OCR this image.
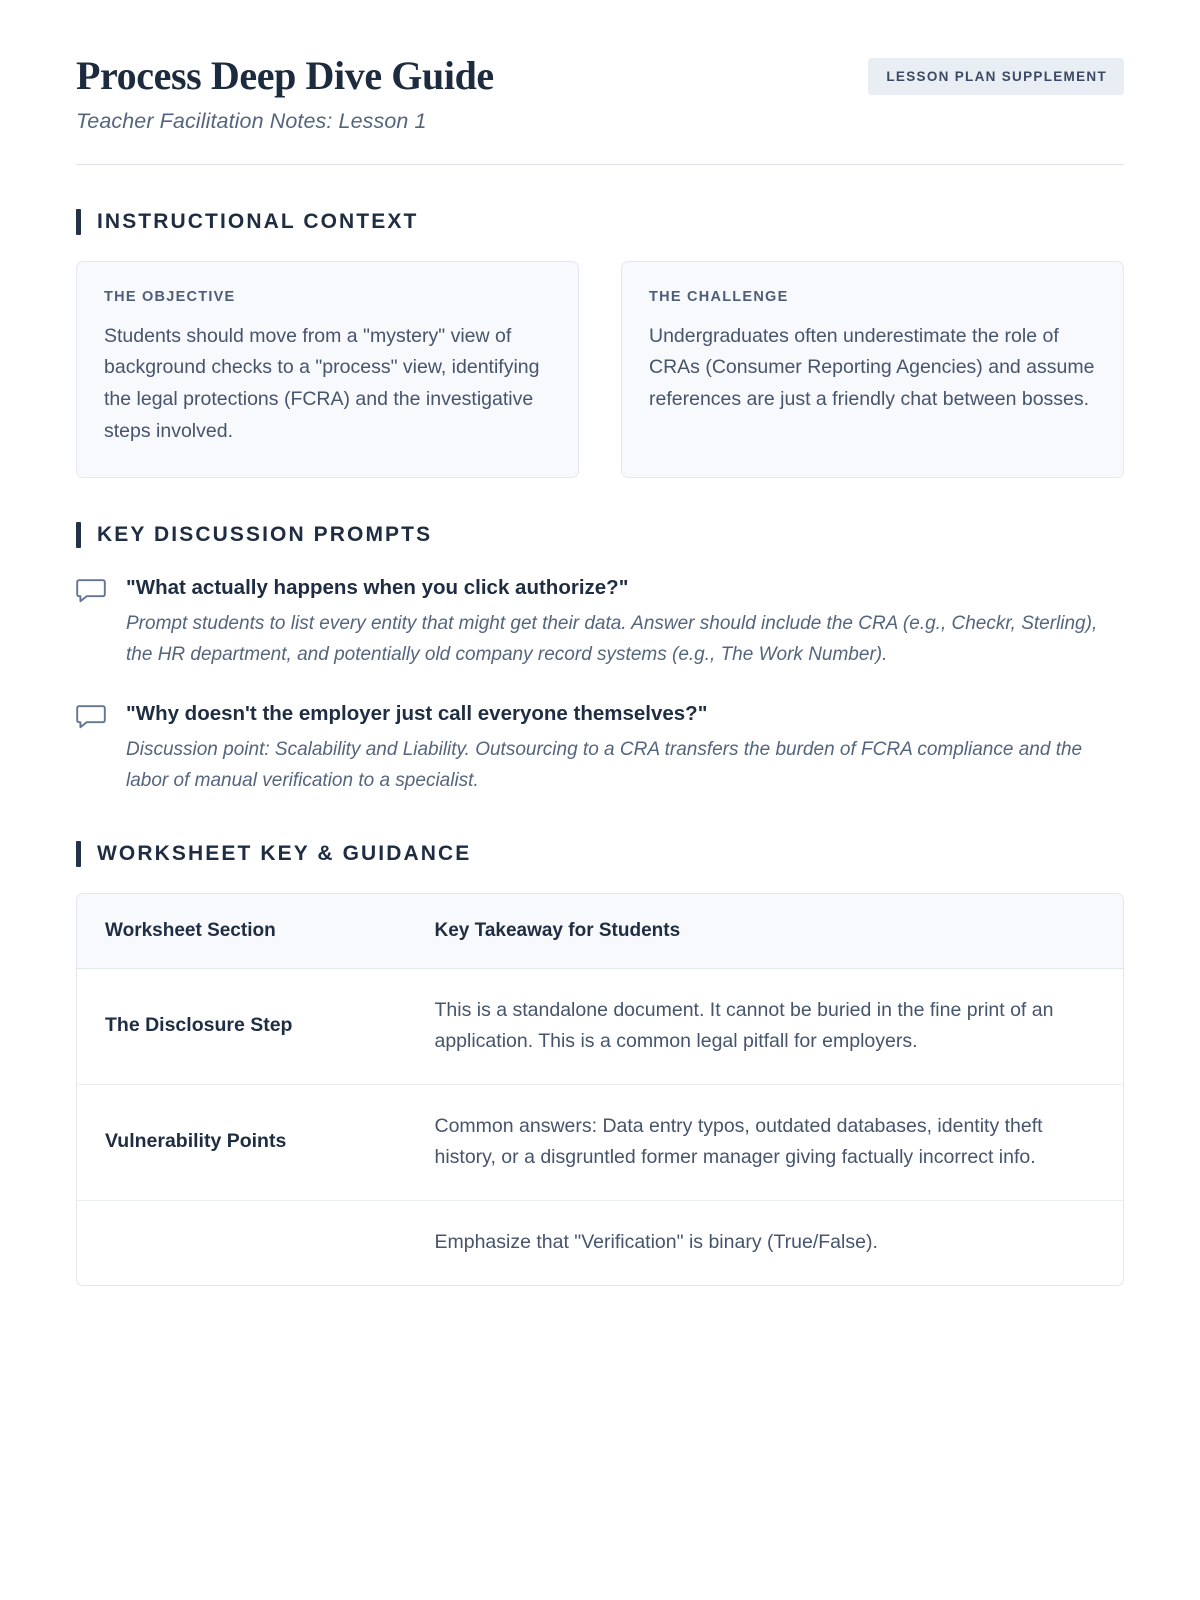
Process Deep Dive Guide
Teacher Facilitation Notes: Lesson 1
LESSON PLAN SUPPLEMENT
INSTRUCTIONAL CONTEXT
THE OBJECTIVE
Students should move from a "mystery" view of background checks to a "process" view, identifying the legal protections (FCRA) and the investigative steps involved.
THE CHALLENGE
Undergraduates often underestimate the role of CRAs (Consumer Reporting Agencies) and assume references are just a friendly chat between bosses.
KEY DISCUSSION PROMPTS
"What actually happens when you click authorize?"
Prompt students to list every entity that might get their data. Answer should include the CRA (e.g., Checkr, Sterling), the HR department, and potentially old company record systems (e.g., The Work Number).
"Why doesn't the employer just call everyone themselves?"
Discussion point: Scalability and Liability. Outsourcing to a CRA transfers the burden of FCRA compliance and the labor of manual verification to a specialist.
WORKSHEET KEY & GUIDANCE
Worksheet Section	Key Takeaway for Students
The Disclosure Step	This is a standalone document. It cannot be buried in the fine print of an application. This is a common legal pitfall for employers.
Vulnerability Points	Common answers: Data entry typos, outdated databases, identity theft history, or a disgruntled former manager giving factually incorrect info.
	Emphasize that "Verification" is binary (True/False).
